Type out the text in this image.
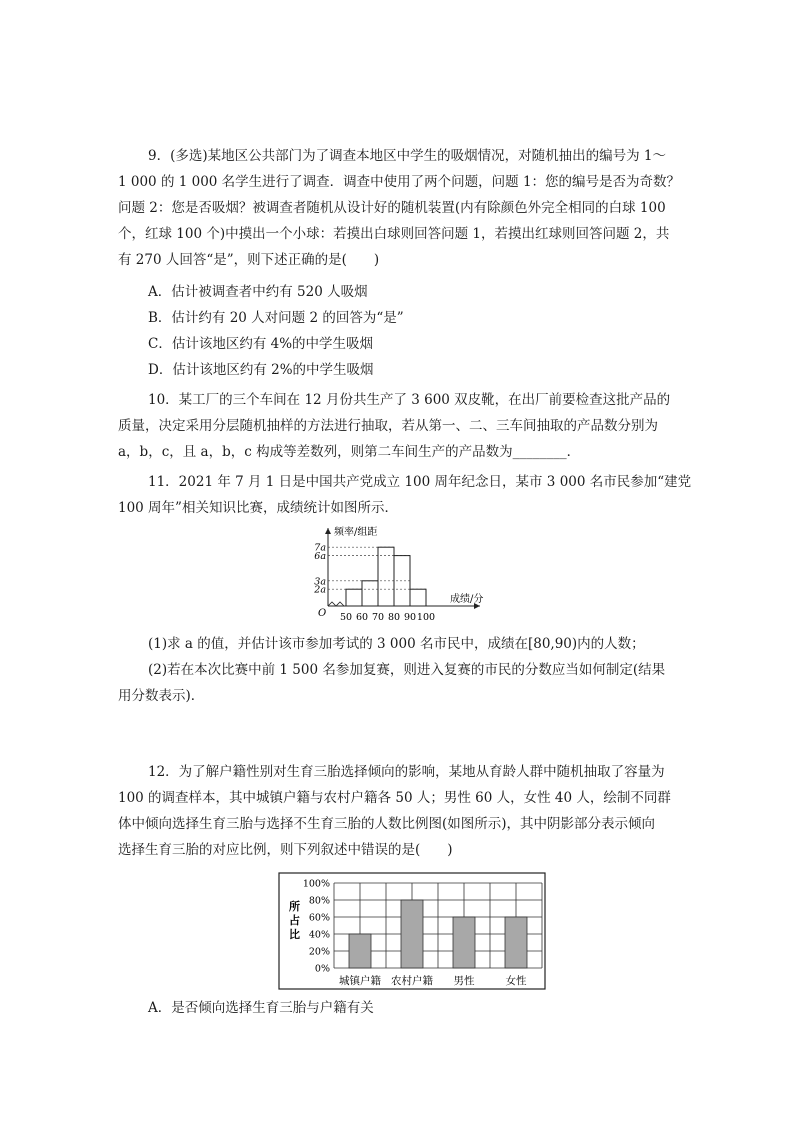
9．(多选)某地区公共部门为了调查本地区中学生的吸烟情况，对随机抽出的编号为 1～
1 000 的 1 000 名学生进行了调查．调查中使用了两个问题，问题 1：您的编号是否为奇数？
问题 2：您是否吸烟？被调查者随机从设计好的随机装置(内有除颜色外完全相同的白球 100
个，红球 100 个)中摸出一个小球：若摸出白球则回答问题 1，若摸出红球则回答问题 2，共
有 270 人回答“是”，则下述正确的是(　　)
A．估计被调查者中约有 520 人吸烟
B．估计约有 20 人对问题 2 的回答为“是”
C．估计该地区约有 4%的中学生吸烟
D．估计该地区约有 2%的中学生吸烟
10．某工厂的三个车间在 12 月份共生产了 3 600 双皮靴，在出厂前要检查这批产品的
质量，决定采用分层随机抽样的方法进行抽取，若从第一、二、三车间抽取的产品数分别为
a，b，c，且 a，b，c 构成等差数列，则第二车间生产的产品数为________．
11．2021 年 7 月 1 日是中国共产党成立 100 周年纪念日，某市 3 000 名市民参加“建党
100 周年”相关知识比赛，成绩统计如图所示．
频率/组距
成绩/分
O
2a
3a
6a
7a
50 60 70 80 90 100
(1)求 a 的值，并估计该市参加考试的 3 000 名市民中，成绩在[80,90)内的人数；
(2)若在本次比赛中前 1 500 名参加复赛，则进入复赛的市民的分数应当如何制定(结果
用分数表示)．
12．为了解户籍性别对生育三胎选择倾向的影响，某地从育龄人群中随机抽取了容量为
100 的调查样本，其中城镇户籍与农村户籍各 50 人；男性 60 人，女性 40 人，绘制不同群
体中倾向选择生育三胎与选择不生育三胎的人数比例图(如图所示)，其中阴影部分表示倾向
选择生育三胎的对应比例，则下列叙述中错误的是(　　)
所
占
比
0%
20%
40%
60%
80%
100%
城镇户籍 农村户籍 男性	女性
A．是否倾向选择生育三胎与户籍有关
